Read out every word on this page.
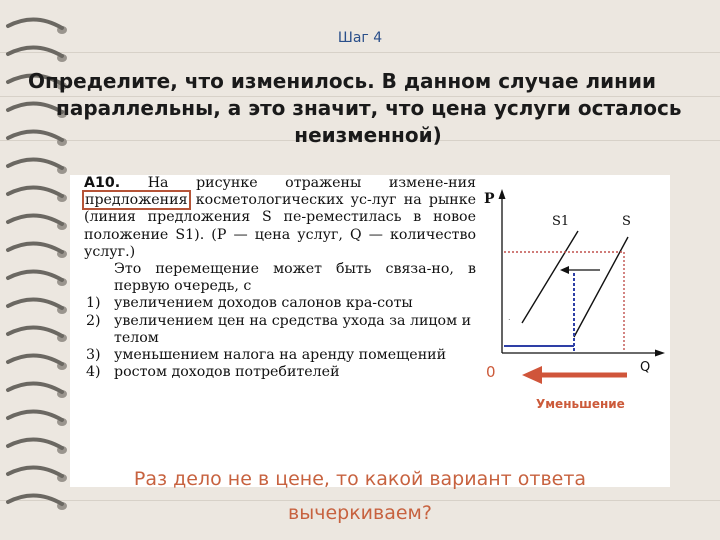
Шаг 4
Определите, что изменилось. В данном случае линии
параллельны, а это значит, что цена услуги осталось
неизменной)

А10. На рисунке отражены измене-ния предложения косметологических ус-луг на рынке (линия предложения S пе-реместилась в новое положение S1). (P — цена услуг, Q — количество услуг.)

Это перемещение может быть связа-но, в первую очередь, с

1) увеличением доходов салонов кра-соты
2) увеличением цен на средства ухода за лицом и телом
3) уменьшением налога на аренду помещений
4) ростом доходов потребителей
P
Q
0
S1	S
.
Уменьшение
Раз дело не в цене, то какой вариант ответа
вычеркиваем?
